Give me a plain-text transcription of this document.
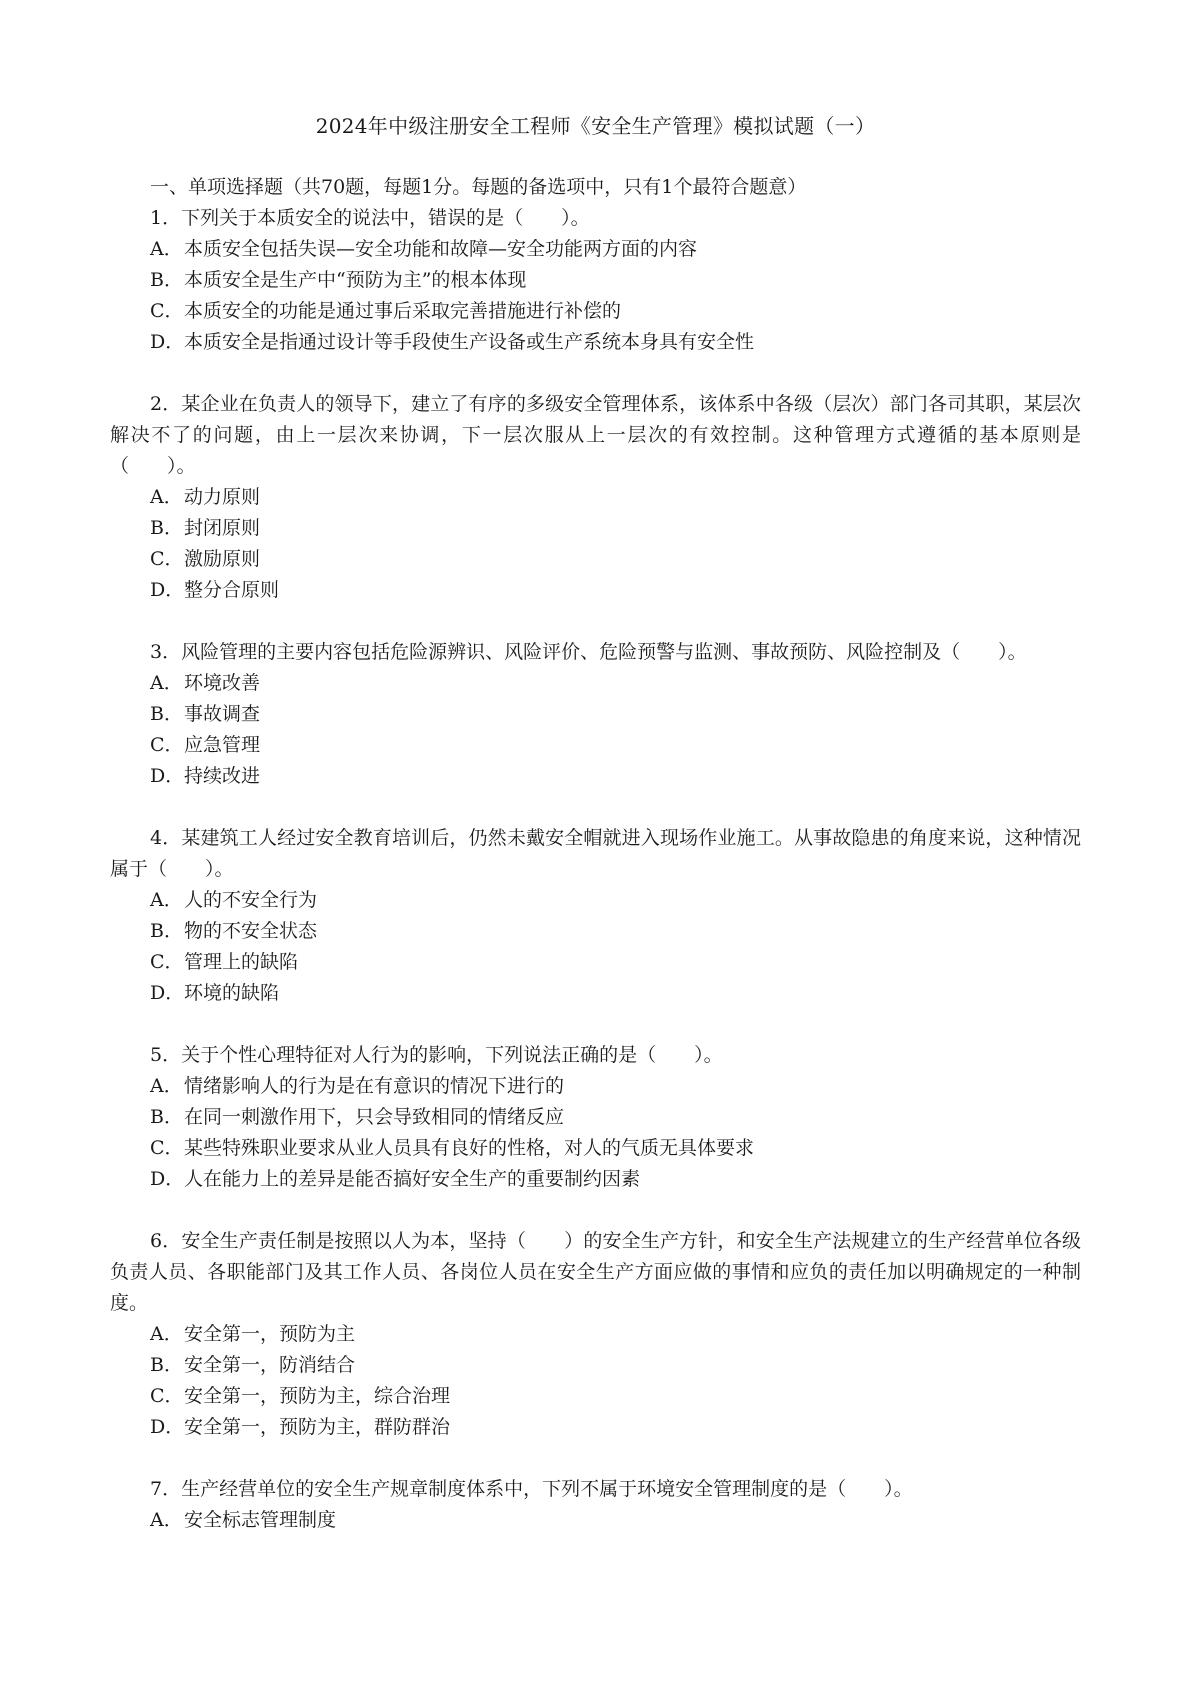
2024年中级注册安全工程师《安全生产管理》模拟试题（一）

一、单项选择题（共70题，每题1分。每题的备选项中，只有1个最符合题意）

1．下列关于本质安全的说法中，错误的是（　　）。

A．本质安全包括失误—安全功能和故障—安全功能两方面的内容
B．本质安全是生产中“预防为主”的根本体现
C．本质安全的功能是通过事后采取完善措施进行补偿的
D．本质安全是指通过设计等手段使生产设备或生产系统本身具有安全性

2．某企业在负责人的领导下，建立了有序的多级安全管理体系，该体系中各级（层次）部门各司其职，某层次解决不了的问题，由上一层次来协调，下一层次服从上一层次的有效控制。这种管理方式遵循的基本原则是（　　）。

A．动力原则
B．封闭原则
C．激励原则
D．整分合原则

3．风险管理的主要内容包括危险源辨识、风险评价、危险预警与监测、事故预防、风险控制及（　　）。

A．环境改善
B．事故调查
C．应急管理
D．持续改进

4．某建筑工人经过安全教育培训后，仍然未戴安全帽就进入现场作业施工。从事故隐患的角度来说，这种情况属于（　　）。

A．人的不安全行为
B．物的不安全状态
C．管理上的缺陷
D．环境的缺陷

5．关于个性心理特征对人行为的影响，下列说法正确的是（　　）。

A．情绪影响人的行为是在有意识的情况下进行的
B．在同一刺激作用下，只会导致相同的情绪反应
C．某些特殊职业要求从业人员具有良好的性格，对人的气质无具体要求
D．人在能力上的差异是能否搞好安全生产的重要制约因素

6．安全生产责任制是按照以人为本，坚持（　　）的安全生产方针，和安全生产法规建立的生产经营单位各级负责人员、各职能部门及其工作人员、各岗位人员在安全生产方面应做的事情和应负的责任加以明确规定的一种制度。

A．安全第一，预防为主
B．安全第一，防消结合
C．安全第一，预防为主，综合治理
D．安全第一，预防为主，群防群治

7．生产经营单位的安全生产规章制度体系中，下列不属于环境安全管理制度的是（　　）。

A．安全标志管理制度
